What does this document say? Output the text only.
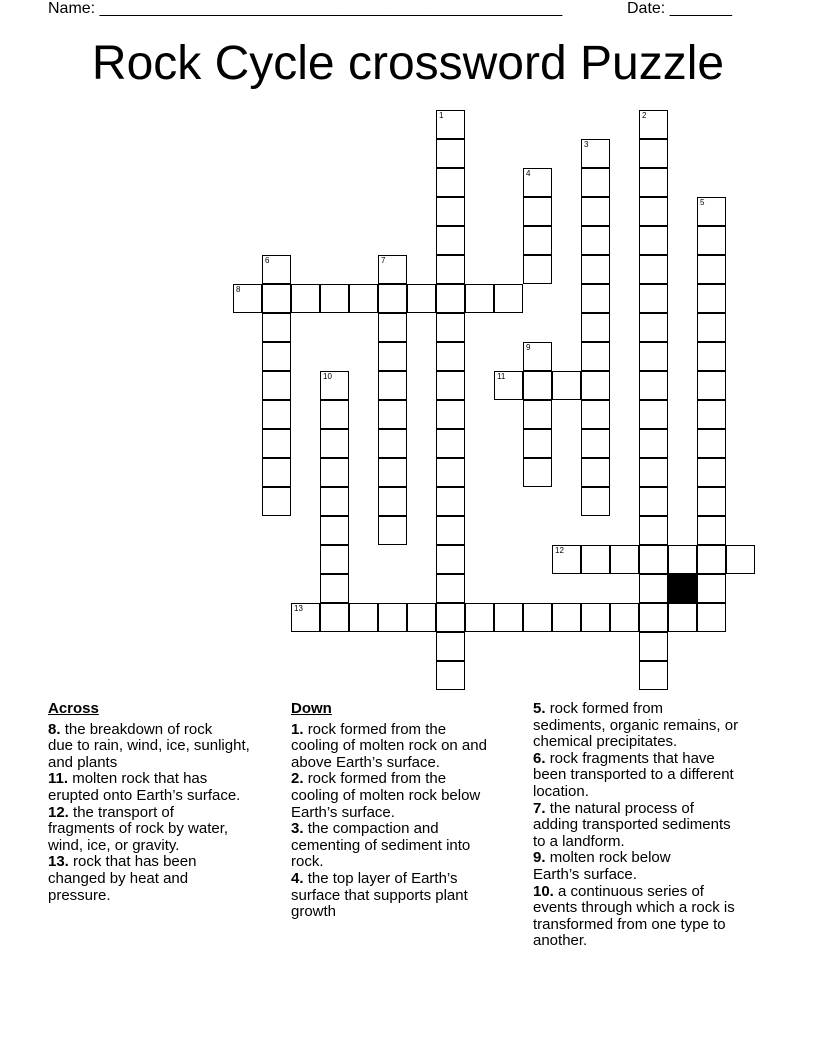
Name: ____________________________________________________	Date: _______
Rock Cycle crossword Puzzle
1	2
3
4
5
6	7
8
9
10	11
12
13
Across
8. the breakdown of rock
due to rain, wind, ice, sunlight,
and plants
11. molten rock that has
erupted onto Earth’s surface.
12. the transport of
fragments of rock by water,
wind, ice, or gravity.
13. rock that has been
changed by heat and
pressure.
Down
1. rock formed from the
cooling of molten rock on and
above Earth’s surface.
2. rock formed from the
cooling of molten rock below
Earth’s surface.
3. the compaction and
cementing of sediment into
rock.
4. the top layer of Earth’s
surface that supports plant
growth
5. rock formed from
sediments, organic remains, or
chemical precipitates.
6. rock fragments that have
been transported to a different
location.
7. the natural process of
adding transported sediments
to a landform.
9. molten rock below
Earth’s surface.
10. a continuous series of
events through which a rock is
transformed from one type to
another.
